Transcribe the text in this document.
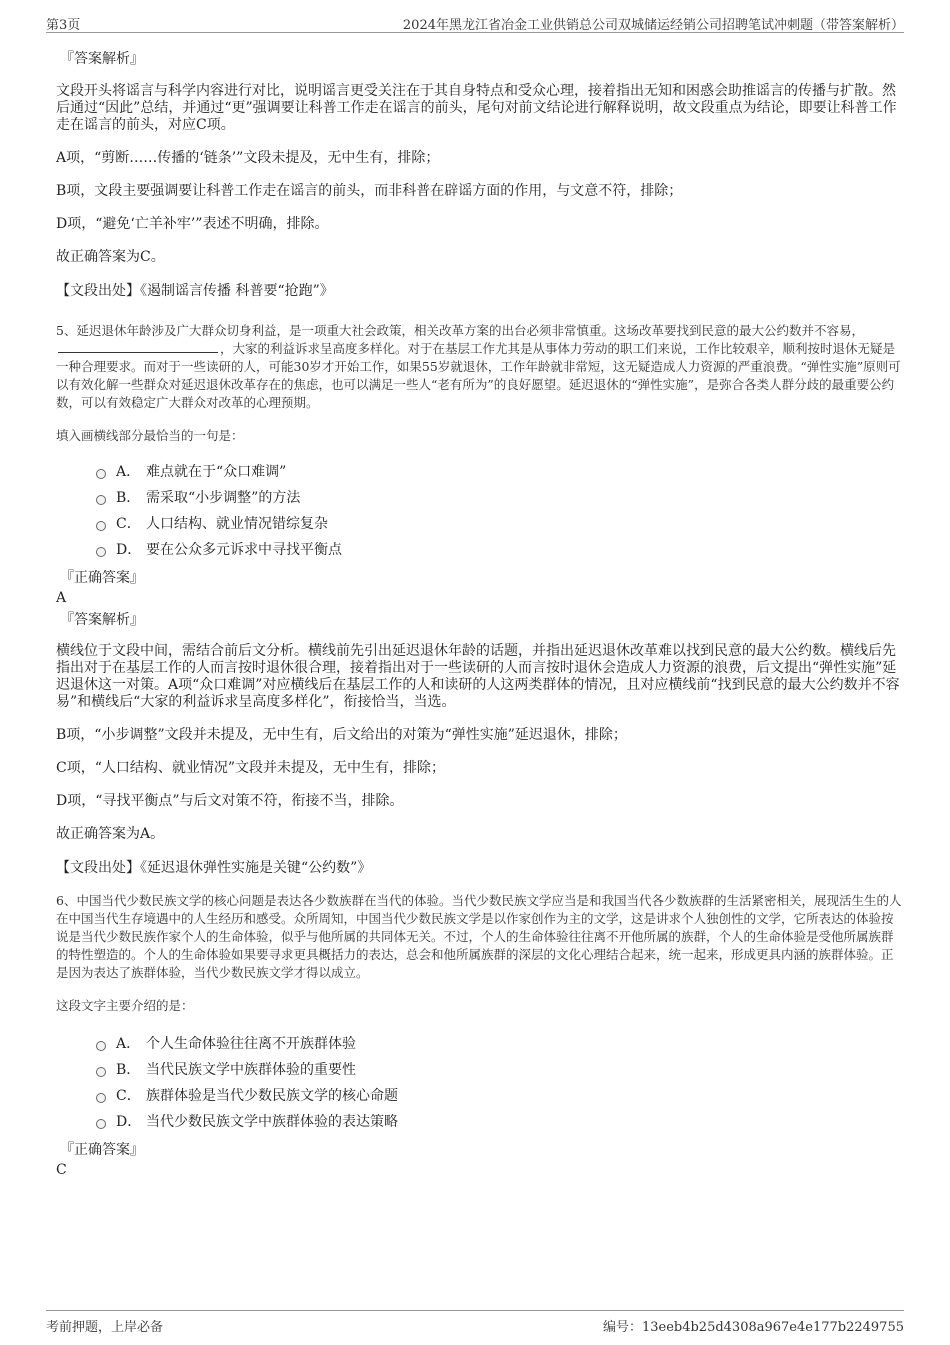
第3页	2024年黑龙江省冶金工业供销总公司双城储运经销公司招聘笔试冲刺题（带答案解析）
『答案解析』

文段开头将谣言与科学内容进行对比，说明谣言更受关注在于其自身特点和受众心理，接着指出无知和困惑会助推谣言的传播与扩散。然后通过“因此”总结，并通过“更”强调要让科普工作走在谣言的前头，尾句对前文结论进行解释说明，故文段重点为结论，即要让科普工作走在谣言的前头，对应C项。

A项，“剪断……传播的‘链条’”文段未提及，无中生有，排除；

B项，文段主要强调要让科普工作走在谣言的前头，而非科普在辟谣方面的作用，与文意不符，排除；

D项，“避免‘亡羊补牢’”表述不明确，排除。

故正确答案为C。

【文段出处】《遏制谣言传播 科普要“抢跑”》

5、延迟退休年龄涉及广大群众切身利益，是一项重大社会政策，相关改革方案的出台必须非常慎重。这场改革要找到民意的最大公约数并不容易，，大家的利益诉求呈高度多样化。对于在基层工作尤其是从事体力劳动的职工们来说，工作比较艰辛，顺利按时退休无疑是一种合理要求。而对于一些读研的人，可能30岁才开始工作，如果55岁就退休，工作年龄就非常短，这无疑造成人力资源的严重浪费。“弹性实施”原则可以有效化解一些群众对延迟退休改革存在的焦虑，也可以满足一些人“老有所为”的良好愿望。延迟退休的“弹性实施”，是弥合各类人群分歧的最重要公约数，可以有效稳定广大群众对改革的心理预期。

填入画横线部分最恰当的一句是：

A． 难点就在于“众口难调”
B． 需采取“小步调整”的方法
C． 人口结构、就业情况错综复杂
D． 要在公众多元诉求中寻找平衡点
『正确答案』
A
『答案解析』

横线位于文段中间，需结合前后文分析。横线前先引出延迟退休年龄的话题，并指出延迟退休改革难以找到民意的最大公约数。横线后先指出对于在基层工作的人而言按时退休很合理，接着指出对于一些读研的人而言按时退休会造成人力资源的浪费，后文提出“弹性实施”延迟退休这一对策。A项“众口难调”对应横线后在基层工作的人和读研的人这两类群体的情况，且对应横线前“找到民意的最大公约数并不容易”和横线后“大家的利益诉求呈高度多样化”，衔接恰当，当选。

B项，“小步调整”文段并未提及，无中生有，后文给出的对策为“弹性实施”延迟退休，排除；

C项，“人口结构、就业情况”文段并未提及，无中生有，排除；

D项，“寻找平衡点”与后文对策不符，衔接不当，排除。

故正确答案为A。

【文段出处】《延迟退休弹性实施是关键“公约数”》

6、中国当代少数民族文学的核心问题是表达各少数族群在当代的体验。当代少数民族文学应当是和我国当代各少数族群的生活紧密相关，展现活生生的人在中国当代生存境遇中的人生经历和感受。众所周知，中国当代少数民族文学是以作家创作为主的文学，这是讲求个人独创性的文学，它所表达的体验按说是当代少数民族作家个人的生命体验，似乎与他所属的共同体无关。不过，个人的生命体验往往离不开他所属的族群，个人的生命体验是受他所属族群的特性塑造的。个人的生命体验如果要寻求更具概括力的表达，总会和他所属族群的深层的文化心理结合起来，统一起来，形成更具内涵的族群体验。正是因为表达了族群体验，当代少数民族文学才得以成立。

这段文字主要介绍的是：

A． 个人生命体验往往离不开族群体验
B． 当代民族文学中族群体验的重要性
C． 族群体验是当代少数民族文学的核心命题
D． 当代少数民族文学中族群体验的表达策略
『正确答案』
C
考前押题，上岸必备	编号：13eeb4b25d4308a967e4e177b2249755
